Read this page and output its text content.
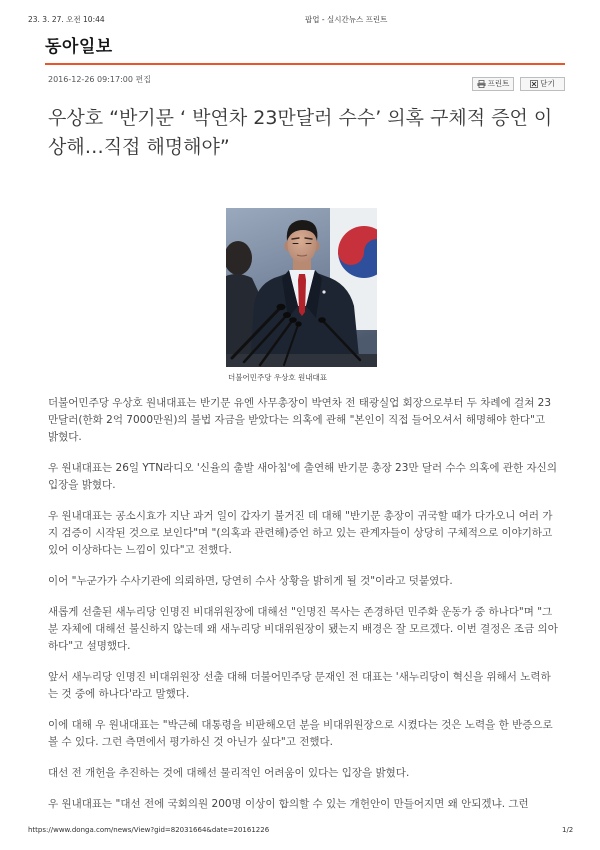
23. 3. 27. 오전 10:44	팝업 - 실시간뉴스 프린트
동아일보
2016-12-26 09:17:00 편집	프린트	닫기
우상호 “반기문 ‘ 박연차 23만달러 수수’ 의혹 구체적 증언 이상해…직접 해명해야”
더불어민주당 우상호 원내대표

더불어민주당 우상호 원내대표는 반기문 유엔 사무총장이 박연차 전 태광실업 회장으로부터 두 차례에 걸쳐 23만달러(한화 2억 7000만원)의 불법 자금을 받았다는 의혹에 관해 "본인이 직접 들어오셔서 해명해야 한다"고 밝혔다.

우 원내대표는 26일 YTN라디오 '신율의 출발 새아침'에 출연해 반기문 총장 23만 달러 수수 의혹에 관한 자신의 입장을 밝혔다.

우 원내대표는 공소시효가 지난 과거 일이 갑자기 불거진 데 대해 "반기문 총장이 귀국할 때가 다가오니 여러 가지 검증이 시작된 것으로 보인다"며 "(의혹과 관련해)증언 하고 있는 관계자들이 상당히 구체적으로 이야기하고 있어 이상하다는 느낌이 있다"고 전했다.

이어 "누군가가 수사기관에 의뢰하면, 당연히 수사 상황을 밝히게 될 것"이라고 덧붙였다.

새롭게 선출된 새누리당 인명진 비대위원장에 대해선 "인명진 목사는 존경하던 민주화 운동가 중 하나다"며 "그 분 자체에 대해선 불신하지 않는데 왜 새누리당 비대위원장이 됐는지 배경은 잘 모르겠다. 이번 결정은 조금 의아하다"고 설명했다.

앞서 새누리당 인명진 비대위원장 선출 대해 더불어민주당 문재인 전 대표는 '새누리당이 혁신을 위해서 노력하는 것 중에 하나다'라고 말했다.

이에 대해 우 원내대표는 "박근혜 대통령을 비판해오던 분을 비대위원장으로 시켰다는 것은 노력을 한 반증으로 볼 수 있다. 그런 측면에서 평가하신 것 아닌가 싶다"고 전했다.

대선 전 개헌을 추진하는 것에 대해선 물리적인 어려움이 있다는 입장을 밝혔다.

우 원내대표는 "대선 전에 국회의원 200명 이상이 합의할 수 있는 개헌안이 만들어지면 왜 안되겠냐. 그런

https://www.donga.com/news/View?gid=82031664&date=20161226	1/2
